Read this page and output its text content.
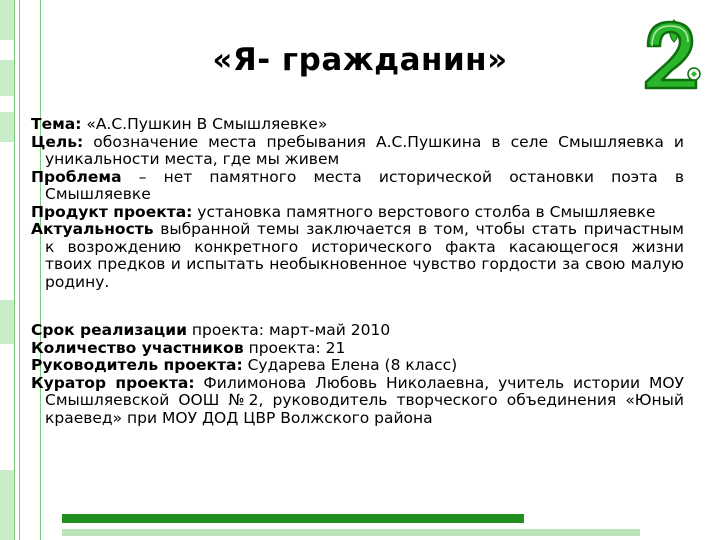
«Я- гражданин»

Тема: «А.С.Пушкин В Смышляевке»

Цель: обозначение места пребывания А.С.Пушкина в селе Смышляевка и уникальности места, где мы живем

Проблема – нет памятного места исторической остановки поэта в Смышляевке

Продукт проекта: установка памятного верстового столба в Смышляевке

Актуальность выбранной темы заключается в том, чтобы стать причастным к возрождению конкретного исторического факта касающегося жизни твоих предков и испытать необыкновенное чувство гордости за свою малую родину.

Срок реализации проекта: март-май 2010

Количество участников проекта: 21

Руководитель проекта: Сударева Елена (8 класс)

Куратор проекта: Филимонова Любовь Николаевна, учитель истории МОУ Смышляевской ООШ №2, руководитель творческого объединения «Юный краевед» при МОУ ДОД ЦВР Волжского района
